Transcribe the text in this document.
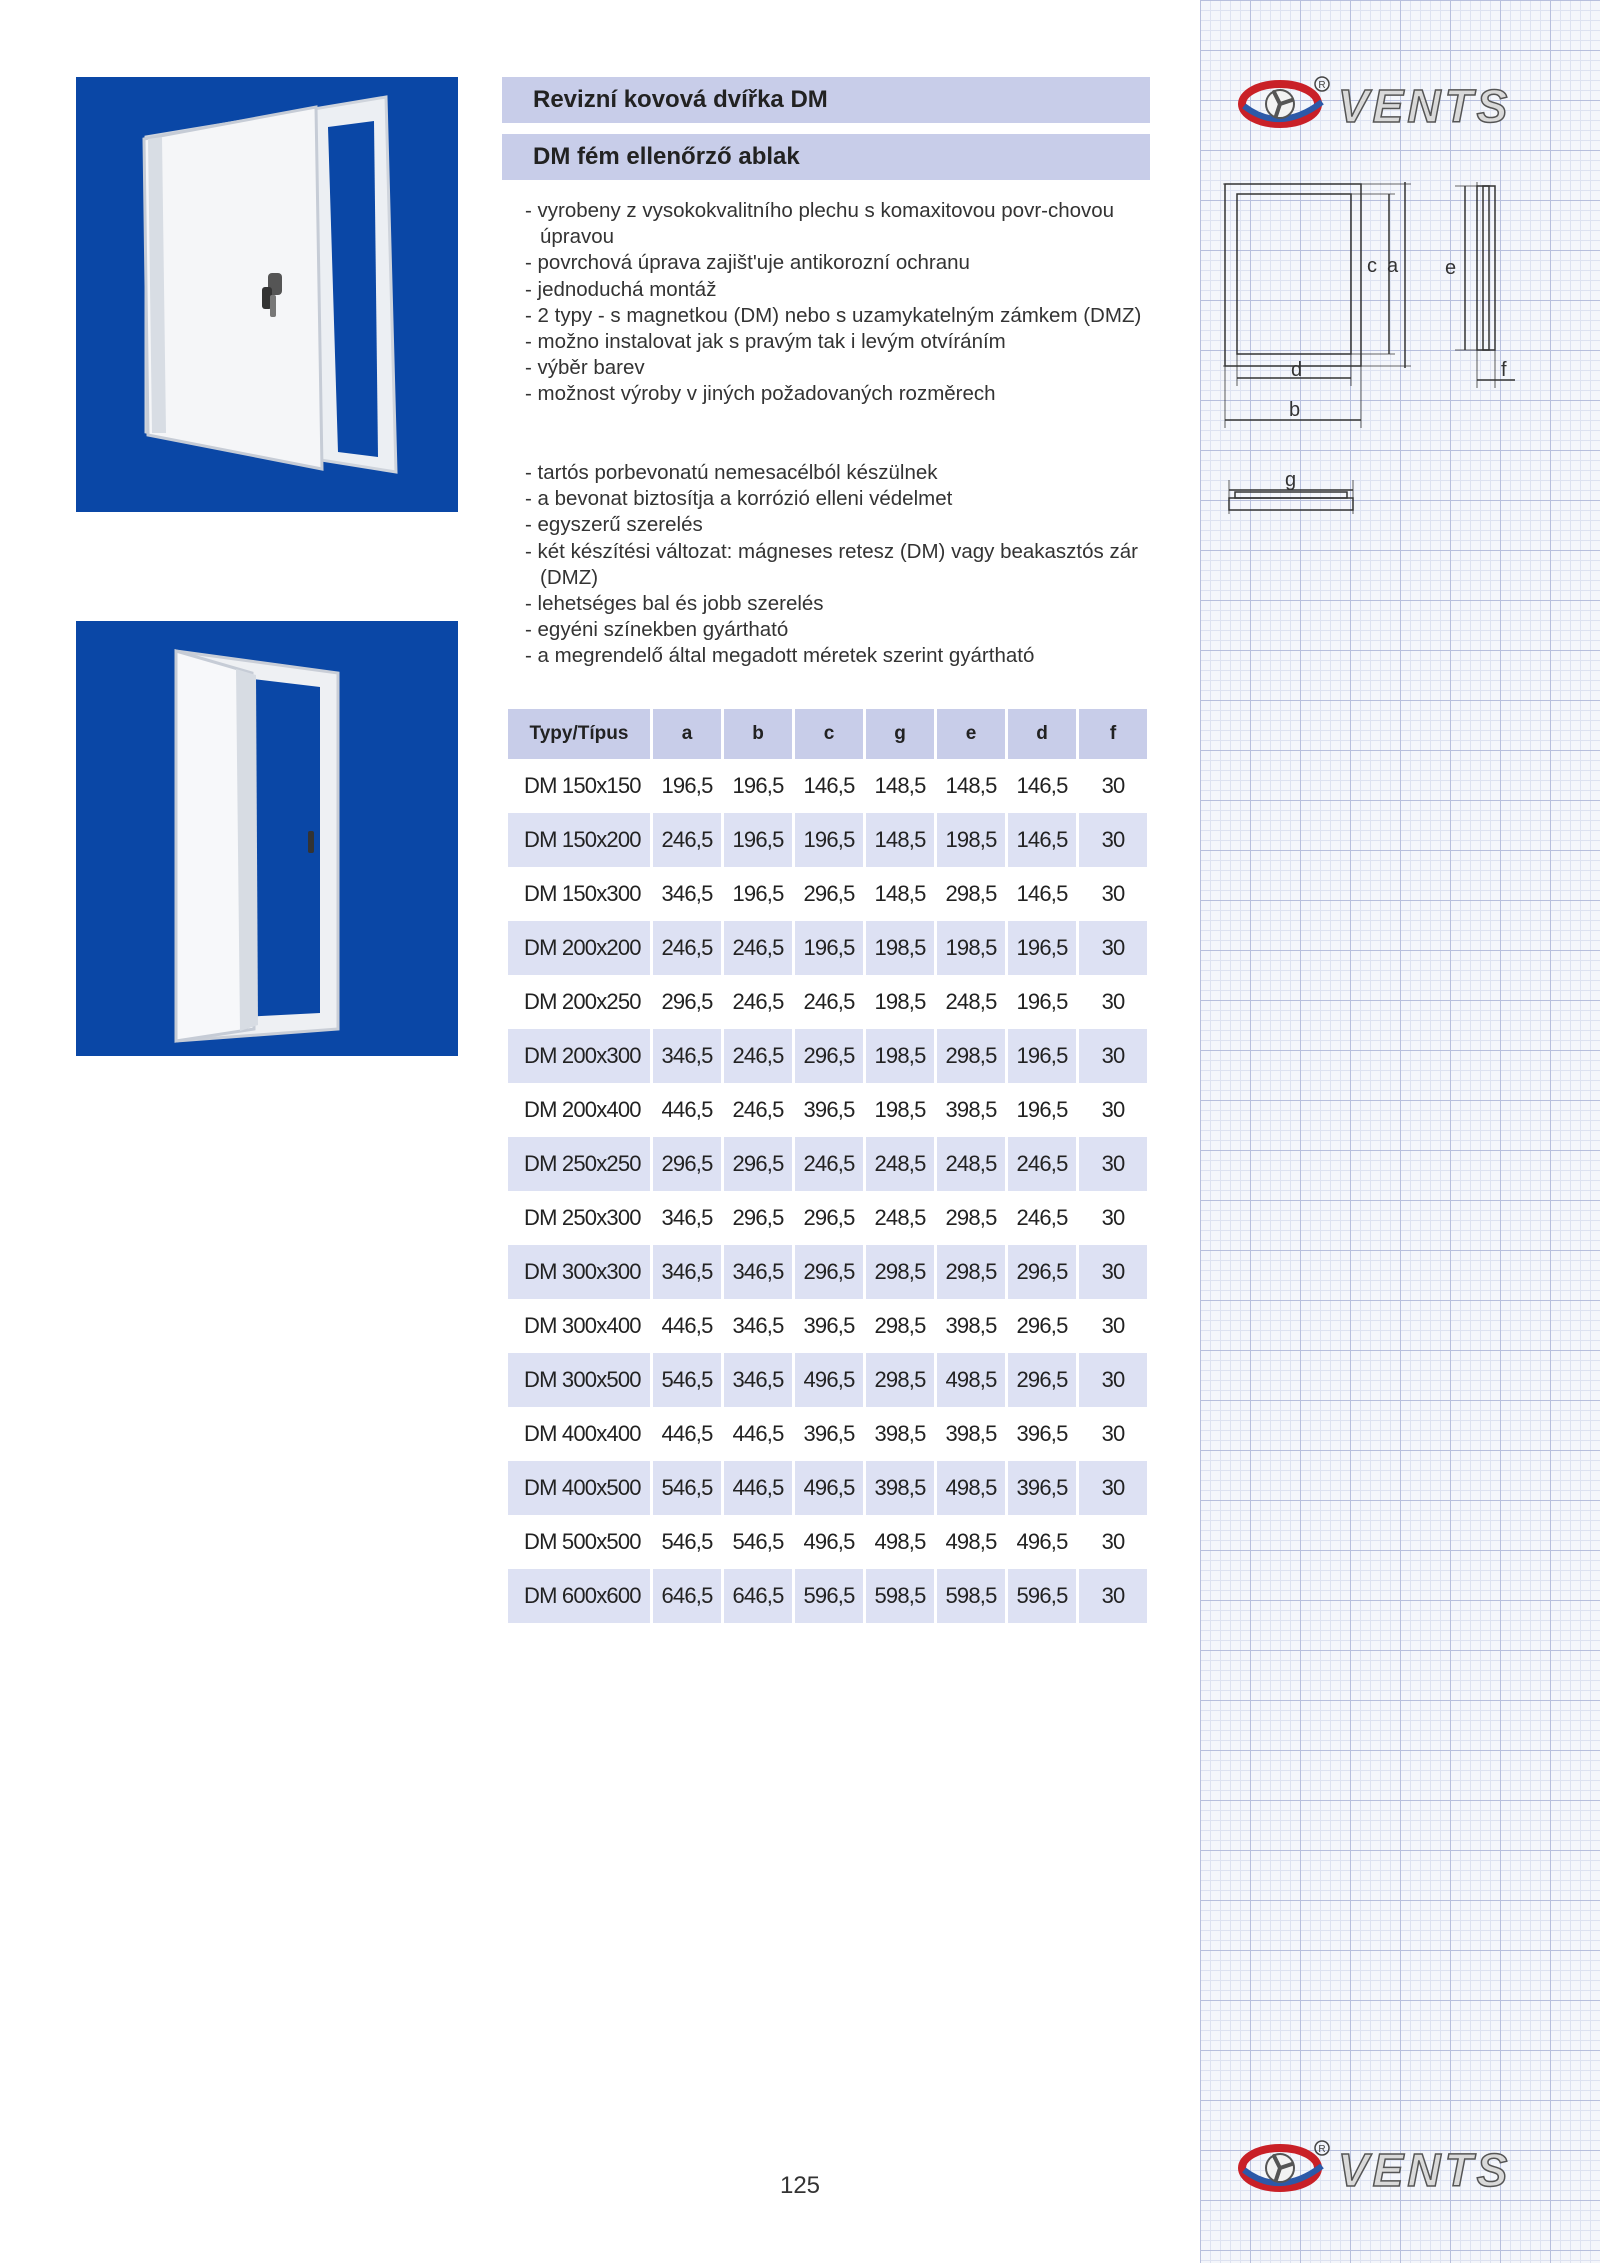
R VENTS
R VENTS
Revizní kovová dvířka DM
DM fém ellenőrző ablak
- vyrobeny z vysokokvalitního plechu s komaxitovou povr-chovou úpravou
- povrchová úprava zajišt'uje antikorozní ochranu
- jednoduchá montáž
- 2 typy - s magnetkou (DM) nebo s uzamykatelným zámkem (DMZ)
- možno instalovat jak s pravým tak i levým otvíráním
- výběr barev
- možnost výroby v jiných požadovaných rozměrech
- tartós porbevonatú nemesacélból készülnek
- a bevonat biztosítja a korrózió elleni védelmet
- egyszerű szerelés
- két készítési változat: mágneses retesz (DM) vagy beakasztós zár (DMZ)
- lehetséges bal és jobb szerelés
- egyéni színekben gyártható
- a megrendelő által megadott méretek szerint gyártható
c a e
d	f
b
g
Typy/Típus	a	b	c	g	e	d	f
DM 150x150	196,5	196,5	146,5	148,5	148,5	146,5	30
DM 150x200	246,5	196,5	196,5	148,5	198,5	146,5	30
DM 150x300	346,5	196,5	296,5	148,5	298,5	146,5	30
DM 200x200	246,5	246,5	196,5	198,5	198,5	196,5	30
DM 200x250	296,5	246,5	246,5	198,5	248,5	196,5	30
DM 200x300	346,5	246,5	296,5	198,5	298,5	196,5	30
DM 200x400	446,5	246,5	396,5	198,5	398,5	196,5	30
DM 250x250	296,5	296,5	246,5	248,5	248,5	246,5	30
DM 250x300	346,5	296,5	296,5	248,5	298,5	246,5	30
DM 300x300	346,5	346,5	296,5	298,5	298,5	296,5	30
DM 300x400	446,5	346,5	396,5	298,5	398,5	296,5	30
DM 300x500	546,5	346,5	496,5	298,5	498,5	296,5	30
DM 400x400	446,5	446,5	396,5	398,5	398,5	396,5	30
DM 400x500	546,5	446,5	496,5	398,5	498,5	396,5	30
DM 500x500	546,5	546,5	496,5	498,5	498,5	496,5	30
DM 600x600	646,5	646,5	596,5	598,5	598,5	596,5	30
125
